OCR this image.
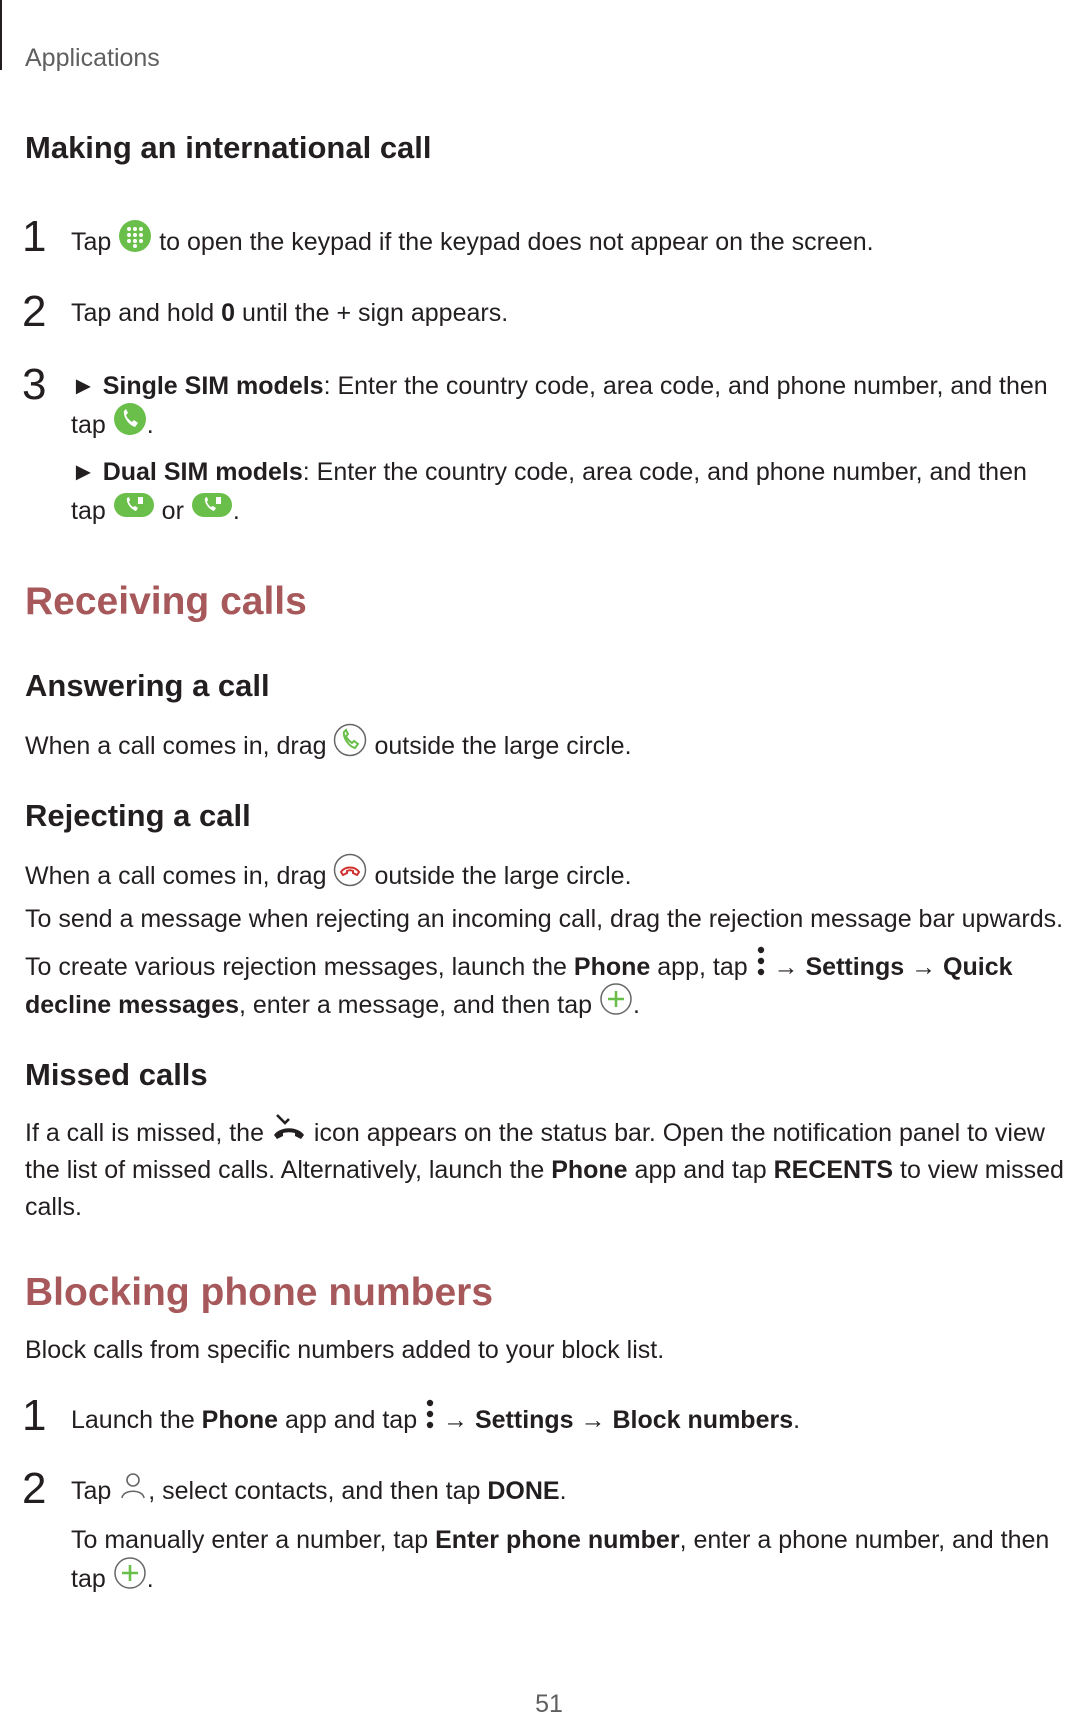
Applications
Making an international call
1 Tap to open the keypad if the keypad does not appear on the screen.
2 Tap and hold 0 until the + sign appears.
3 ► Single SIM models: Enter the country code, area code, and phone number, and then
tap .
► Dual SIM models: Enter the country code, area code, and phone number, and then
tap or .
Receiving calls
Answering a call
When a call comes in, drag outside the large circle.
Rejecting a call
When a call comes in, drag outside the large circle.
To send a message when rejecting an incoming call, drag the rejection message bar upwards.
To create various rejection messages, launch the Phone app, tap → Settings → Quick
decline messages, enter a message, and then tap .
Missed calls
If a call is missed, the icon appears on the status bar. Open the notification panel to view
the list of missed calls. Alternatively, launch the Phone app and tap RECENTS to view missed
calls.
Blocking phone numbers
Block calls from specific numbers added to your block list.
1 Launch the Phone app and tap → Settings → Block numbers.
2 Tap , select contacts, and then tap DONE.
To manually enter a number, tap Enter phone number, enter a phone number, and then
tap .
51
